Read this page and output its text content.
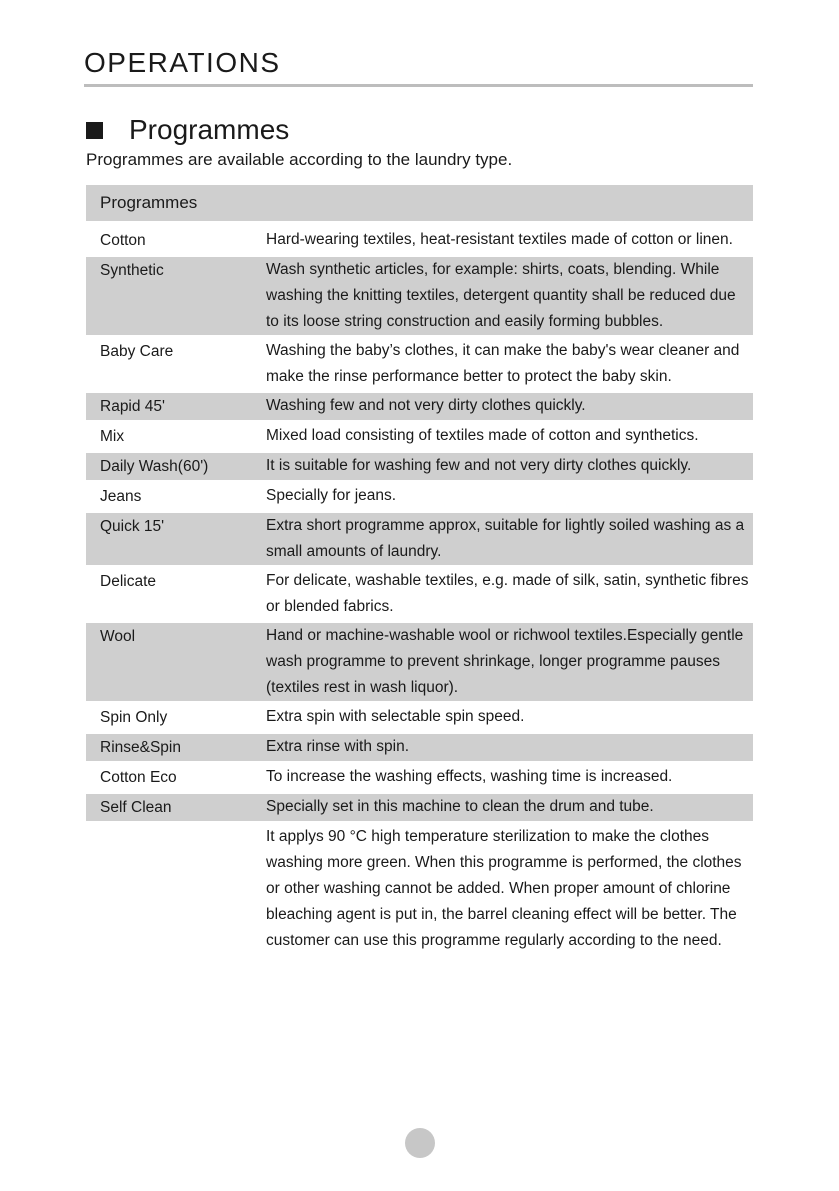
OPERATIONS
Programmes
Programmes are available according to the laundry type.
Programmes
Cotton	Hard-wearing textiles, heat-resistant textiles made of cotton or linen.
Synthetic	Wash synthetic articles, for example: shirts, coats, blending. While washing the knitting textiles, detergent quantity shall be reduced due to its loose string construction and easily forming bubbles.
Baby Care	Washing the baby’s clothes, it can make the baby's wear cleaner and make the rinse performance better to protect the baby skin.
Rapid 45'	Washing few and not very dirty clothes quickly.
Mix	Mixed load consisting of textiles made of cotton and synthetics.
Daily Wash(60')	It is suitable for washing few and not very dirty clothes quickly.
Jeans	Specially for jeans.
Quick 15'	Extra short programme approx, suitable for lightly soiled washing as a small amounts of laundry.
Delicate	For delicate, washable textiles, e.g. made of silk, satin, synthetic fibres or blended fabrics.
Wool	Hand or machine-washable wool or richwool textiles.Especially gentle wash programme to prevent shrinkage, longer programme pauses (textiles rest in wash liquor).
Spin Only	Extra spin with selectable spin speed.
Rinse&Spin	Extra rinse with spin.
Cotton Eco	To increase the washing effects, washing time is increased.
Self Clean	Specially set in this machine to clean the drum and tube.
It applys 90 °C high temperature sterilization to make the clothes washing more green. When this programme is performed, the clothes or other washing cannot be added. When proper amount of chlorine bleaching agent is put in, the barrel cleaning effect will be better. The customer can use this programme regularly according to the need.
